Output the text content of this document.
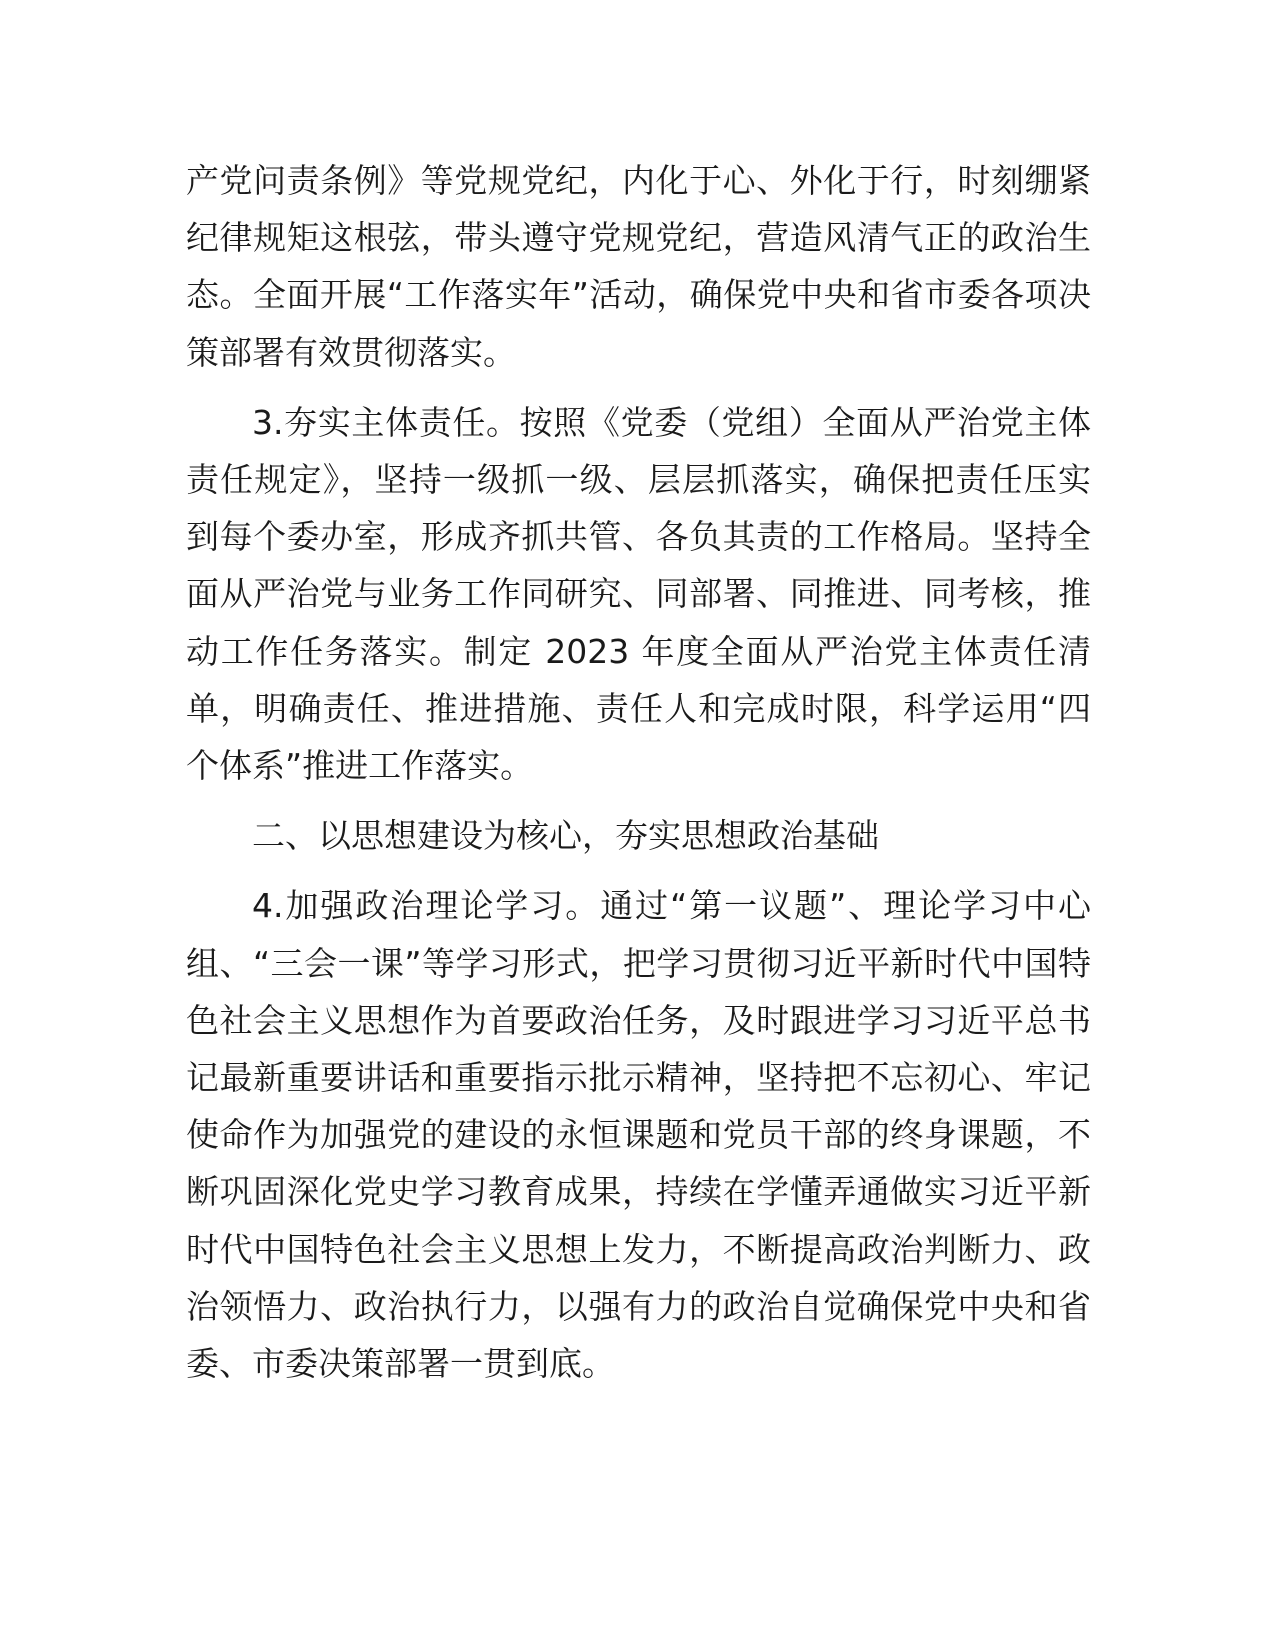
产党问责条例》等党规党纪，内化于心、外化于行，时刻绷紧纪律规矩这根弦，带头遵守党规党纪，营造风清气正的政治生态。全面开展“工作落实年”活动，确保党中央和省市委各项决策部署有效贯彻落实。

3.夯实主体责任。按照《党委（党组）全面从严治党主体责任规定》，坚持一级抓一级、层层抓落实，确保把责任压实到每个委办室，形成齐抓共管、各负其责的工作格局。坚持全面从严治党与业务工作同研究、同部署、同推进、同考核，推动工作任务落实。制定 2023 年度全面从严治党主体责任清单，明确责任、推进措施、责任人和完成时限，科学运用“四个体系”推进工作落实。

二、以思想建设为核心，夯实思想政治基础

4.加强政治理论学习。通过“第一议题”、理论学习中心组、“三会一课”等学习形式，把学习贯彻习近平新时代中国特色社会主义思想作为首要政治任务，及时跟进学习习近平总书记最新重要讲话和重要指示批示精神，坚持把不忘初心、牢记使命作为加强党的建设的永恒课题和党员干部的终身课题，不断巩固深化党史学习教育成果，持续在学懂弄通做实习近平新时代中国特色社会主义思想上发力，不断提高政治判断力、政治领悟力、政治执行力，以强有力的政治自觉确保党中央和省委、市委决策部署一贯到底。
